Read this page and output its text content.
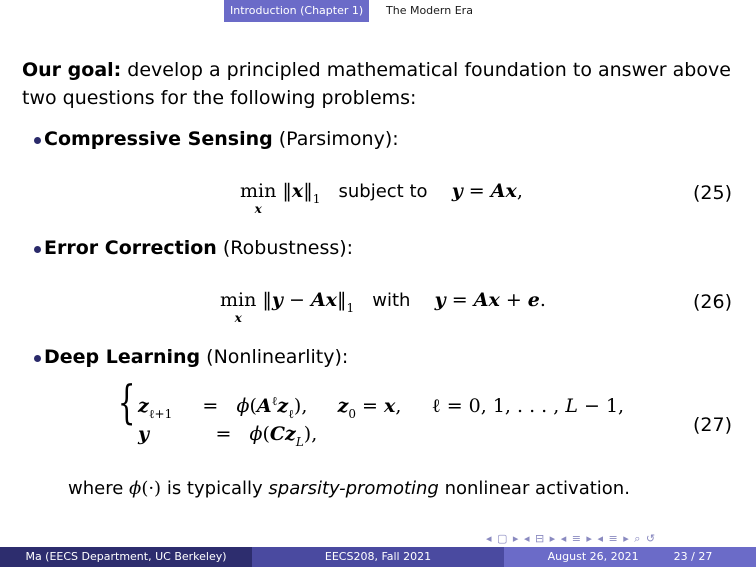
Introduction (Chapter 1)	The Modern Era
Our goal: develop a principled mathematical foundation to answer above
two questions for the following problems:
Compressive Sensing (Parsimony):
min
$^x$ $‖x‖_1$ subject to y = Ax,	(25)
Error Correction (Robustness):
min
$^x$ ‖y − $Ax‖_1$ with y = Ax + e.	(26)
Deep Learning (Nonlinearlity):
{ $z_{\ell+1}$     =   $\phi(A^\ell z_\ell)$,     $z_0 = x$,     ℓ = 0, 1, . . . , L − 1,
y           =   $\phi(Cz_L)$,	(27)
where ϕ(·) is typically sparsity-promoting nonlinear activation.
◂ ▢ ▸ ◂ ⊟ ▸ ◂ ≡ ▸ ◂ ≡ ▸ ⌕ ↺
Ma (EECS Department, UC Berkeley)	EECS208, Fall 2021	August 26, 2021	23 / 27
